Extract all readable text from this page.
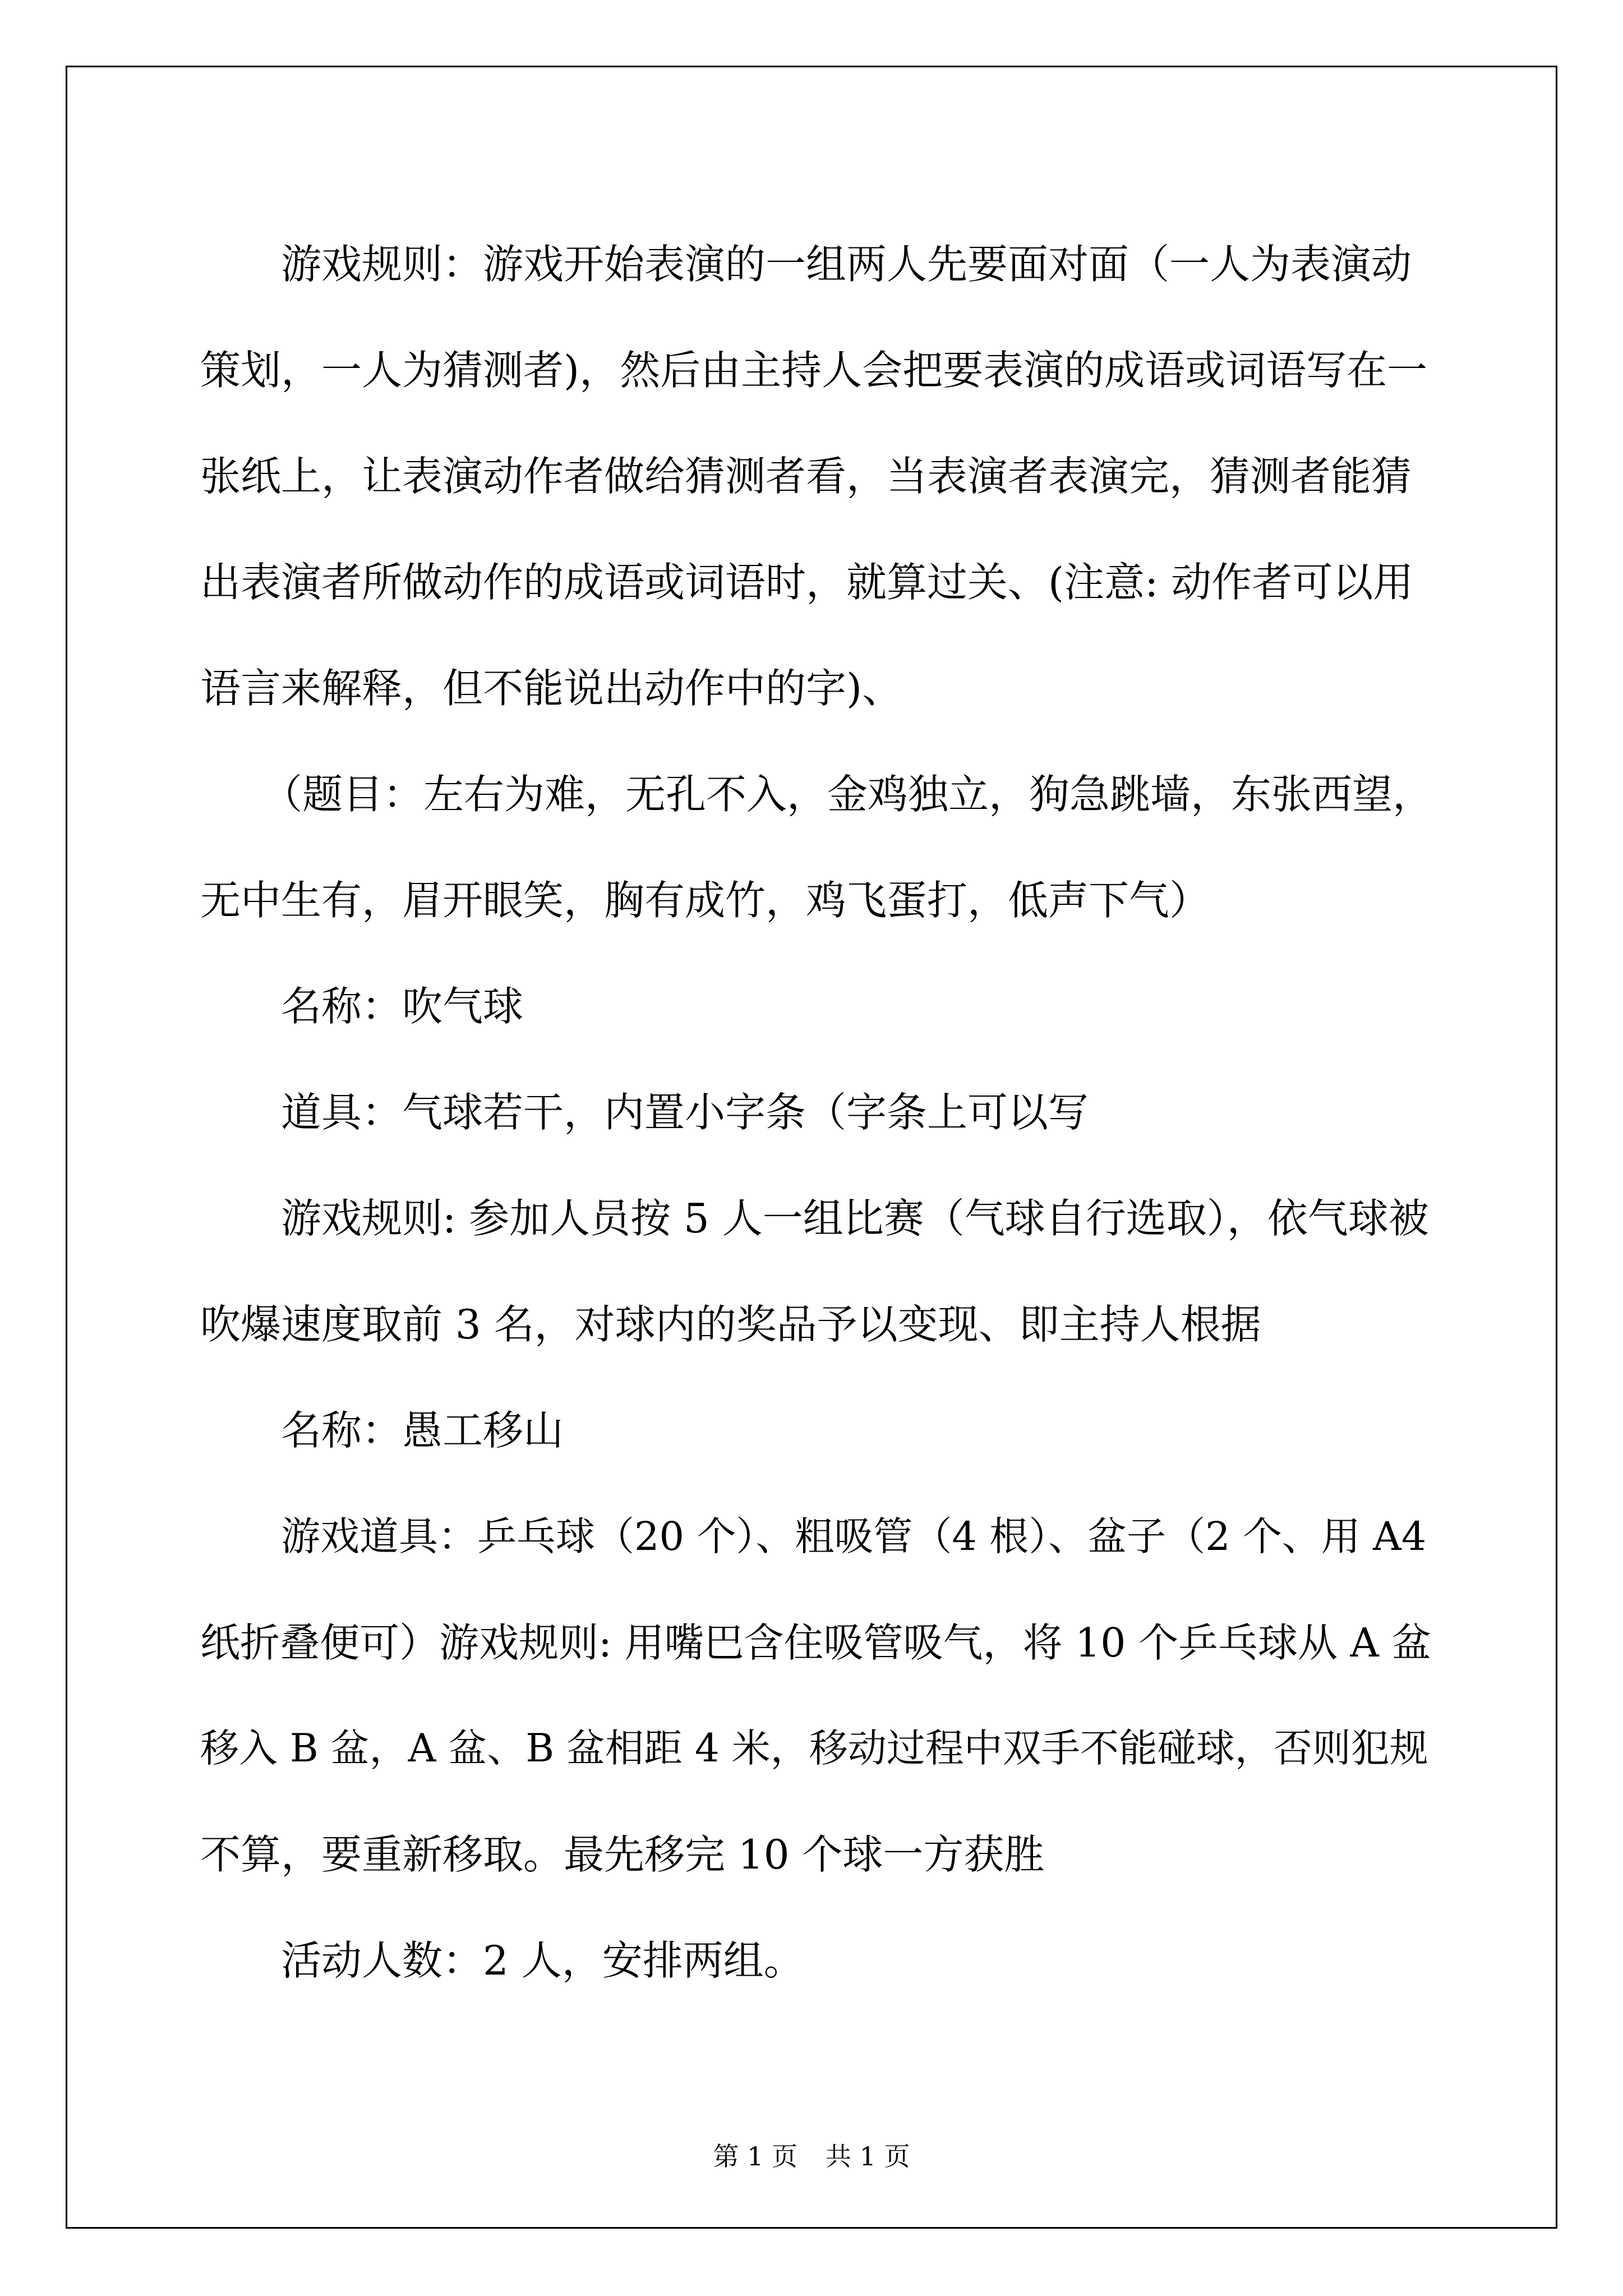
游戏规则：游戏开始表演的一组两人先要面对面（一人为表演动
策划，一人为猜测者)，然后由主持人会把要表演的成语或词语写在一
张纸上，让表演动作者做给猜测者看，当表演者表演完，猜测者能猜
出表演者所做动作的成语或词语时，就算过关、(注意: 动作者可以用
语言来解释，但不能说出动作中的字)、
（题目：左右为难，无孔不入，金鸡独立，狗急跳墙，东张西望，
无中生有，眉开眼笑，胸有成竹，鸡飞蛋打，低声下气）
名称：吹气球
道具：气球若干，内置小字条（字条上可以写
游戏规则: 参加人员按 5 人一组比赛（气球自行选取），依气球被
吹爆速度取前 3 名，对球内的奖品予以变现、即主持人根据
名称：愚工移山
游戏道具：乒乓球（20 个）、粗吸管（4 根）、盆子（2 个、用 A4
纸折叠便可）游戏规则: 用嘴巴含住吸管吸气，将 10 个乒乓球从 A 盆
移入 B 盆，A 盆、B 盆相距 4 米，移动过程中双手不能碰球，否则犯规
不算，要重新移取。最先移完 10 个球一方获胜
活动人数：2 人，安排两组。
第 1 页 共 1 页
